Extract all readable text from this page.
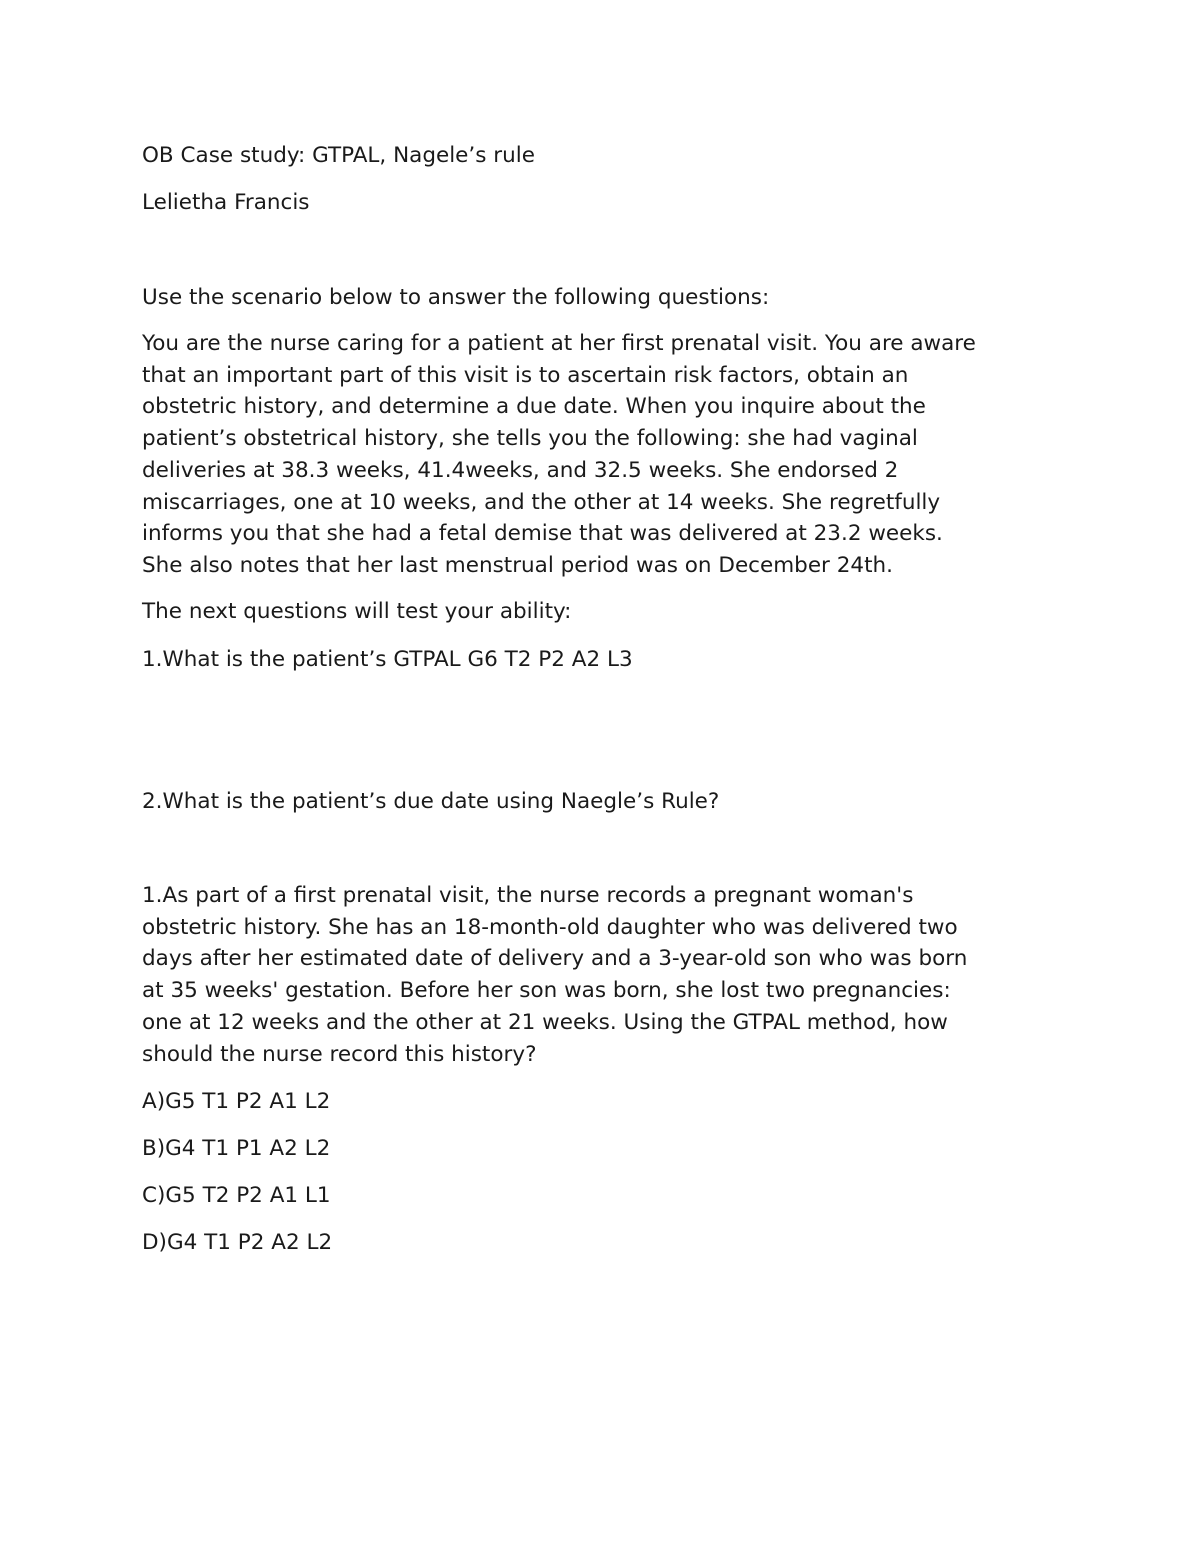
OB Case study: GTPAL, Nagele’s rule

Lelietha Francis

Use the scenario below to answer the following questions:

You are the nurse caring for a patient at her first prenatal visit. You are aware
that an important part of this visit is to ascertain risk factors, obtain an
obstetric history, and determine a due date. When you inquire about the
patient’s obstetrical history, she tells you the following: she had vaginal
deliveries at 38.3 weeks, 41.4weeks, and 32.5 weeks. She endorsed 2
miscarriages, one at 10 weeks, and the other at 14 weeks. She regretfully
informs you that she had a fetal demise that was delivered at 23.2 weeks.
She also notes that her last menstrual period was on December 24th.

The next questions will test your ability:

1.What is the patient’s GTPAL G6 T2 P2 A2 L3

2.What is the patient’s due date using Naegle’s Rule?

1.As part of a first prenatal visit, the nurse records a pregnant woman's
obstetric history. She has an 18-month-old daughter who was delivered two
days after her estimated date of delivery and a 3-year-old son who was born
at 35 weeks' gestation. Before her son was born, she lost two pregnancies:
one at 12 weeks and the other at 21 weeks. Using the GTPAL method, how
should the nurse record this history?

A)G5 T1 P2 A1 L2

B)G4 T1 P1 A2 L2

C)G5 T2 P2 A1 L1

D)G4 T1 P2 A2 L2
